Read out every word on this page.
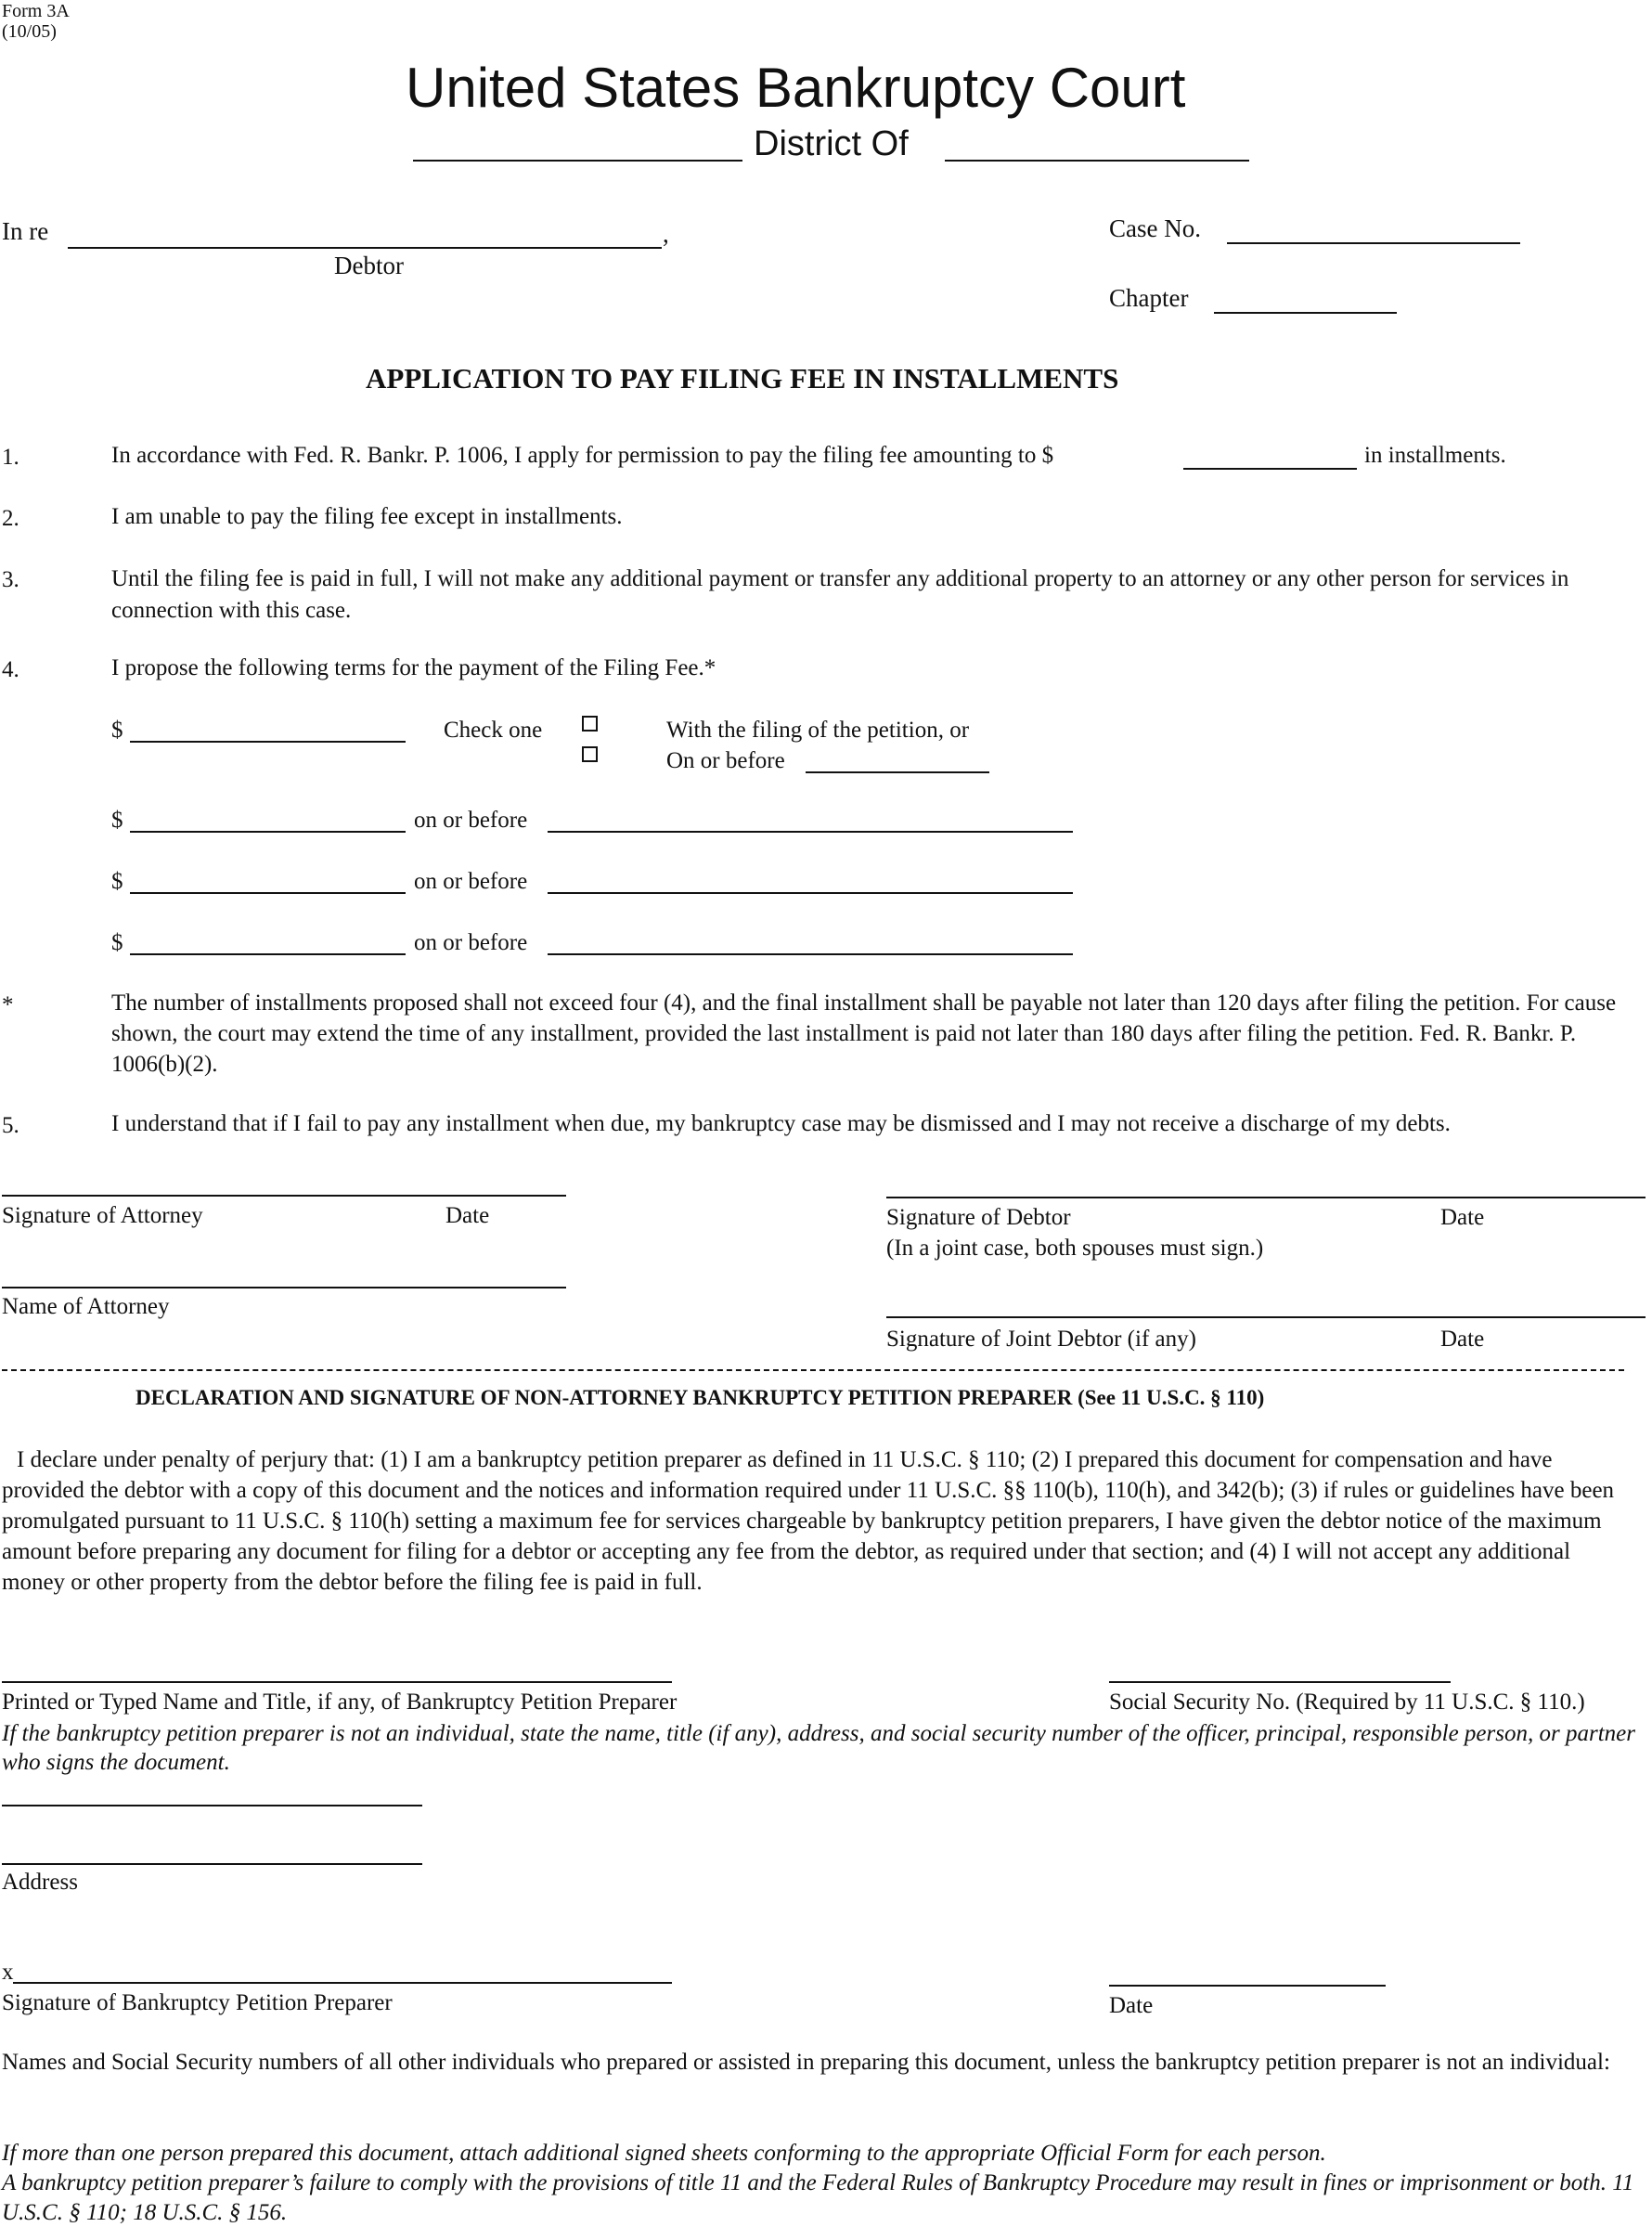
Form 3A
(10/05)
United States Bankruptcy Court
District Of
In re	,
Debtor
Case No.
Chapter
APPLICATION TO PAY FILING FEE IN INSTALLMENTS
1.	In accordance with Fed. R. Bankr. P. 1006, I apply for permission to pay the filing fee amounting to $	in installments.
2.	I am unable to pay the filing fee except in installments.
3.	Until the filing fee is paid in full, I will not make any additional payment or transfer any additional property to an attorney or any other person for services in connection with this case.
4.	I propose the following terms for the payment of the Filing Fee.*
$	Check one	With the filing of the petition, or
On or before
$	on or before
$	on or before
$	on or before
*	The number of installments proposed shall not exceed four (4), and the final installment shall be payable not later than 120 days after filing the petition. For cause shown, the court may extend the time of any installment, provided the last installment is paid not later than 180 days after filing the petition. Fed. R. Bankr. P. 1006(b)(2).
5.	I understand that if I fail to pay any installment when due, my bankruptcy case may be dismissed and I may not receive a discharge of my debts.
Signature of Attorney	Date	Signature of Debtor	Date
(In a joint case, both spouses must sign.)
Name of Attorney
Signature of Joint Debtor (if any)	Date
DECLARATION AND SIGNATURE OF NON-ATTORNEY BANKRUPTCY PETITION PREPARER (See 11 U.S.C. § 110)
I declare under penalty of perjury that: (1) I am a bankruptcy petition preparer as defined in 11 U.S.C. § 110; (2) I prepared this document for compensation and have provided the debtor with a copy of this document and the notices and information required under 11 U.S.C. §§ 110(b), 110(h), and 342(b); (3) if rules or guidelines have been promulgated pursuant to 11 U.S.C. § 110(h) setting a maximum fee for services chargeable by bankruptcy petition preparers, I have given the debtor notice of the maximum amount before preparing any document for filing for a debtor or accepting any fee from the debtor, as required under that section; and (4) I will not accept any additional money or other property from the debtor before the filing fee is paid in full.
Printed or Typed Name and Title, if any, of Bankruptcy Petition Preparer	Social Security No. (Required by 11 U.S.C. § 110.)
If the bankruptcy petition preparer is not an individual, state the name, title (if any), address, and social security number of the officer, principal, responsible person, or partner who signs the document.
Address
x
Signature of Bankruptcy Petition Preparer	Date
Names and Social Security numbers of all other individuals who prepared or assisted in preparing this document, unless the bankruptcy petition preparer is not an individual:
If more than one person prepared this document, attach additional signed sheets conforming to the appropriate Official Form for each person.
A bankruptcy petition preparer’s failure to comply with the provisions of title 11 and the Federal Rules of Bankruptcy Procedure may result in fines or imprisonment or both. 11 U.S.C. § 110; 18 U.S.C. § 156.
